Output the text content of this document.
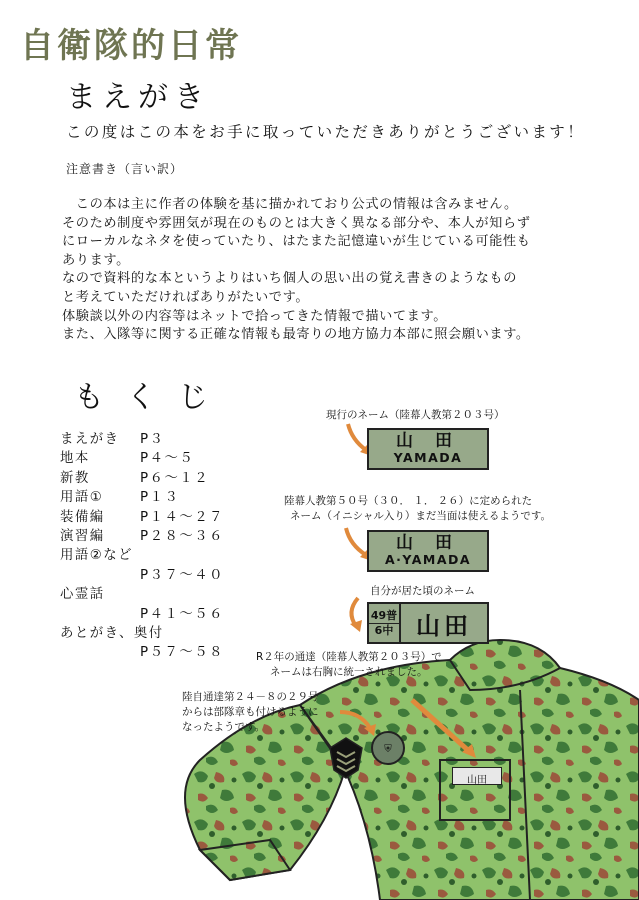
自衛隊的日常
まえがき
この度はこの本をお手に取っていただきありがとうございます！
注意書き（言い訳）

　この本は主に作者の体験を基に描かれており公式の情報は含みません。

そのため制度や雰囲気が現在のものとは大きく異なる部分や、本人が知らず

にローカルなネタを使っていたり、はたまた記憶違いが生じている可能性も

あります。

なので資料的な本というよりはいち個人の思い出の覚え書きのようなもの

と考えていただければありがたいです。

体験談以外の内容等はネットで拾ってきた情報で描いてます。

また、入隊等に関する正確な情報も最寄りの地方協力本部に照会願います。

もくじ
まえがき	P３
地本	P４～５
新教	P６～１２
用語①	P１３
装備編	P１４～２７
演習編	P２８～３６
用語②など
P３７～４０
心霊話
P４１～５６
あとがき、奥付
P５７～５８
⛨
山田
現行のネーム（陸幕人教第２０３号）
山 田
YAMADA
陸幕人教第５０号（３０． １． ２６）に定められた
ネーム（イニシャル入り）まだ当面は使えるようです。
山 田
A·YAMADA
自分が居た頃のネーム
49普
6中 山田
R２年の通達（陸幕人教第２０３号）で
ネームは右胸に統一されました。
陸自通達第２４－８の２９号
からは部隊章も付けるように
なったようです。
